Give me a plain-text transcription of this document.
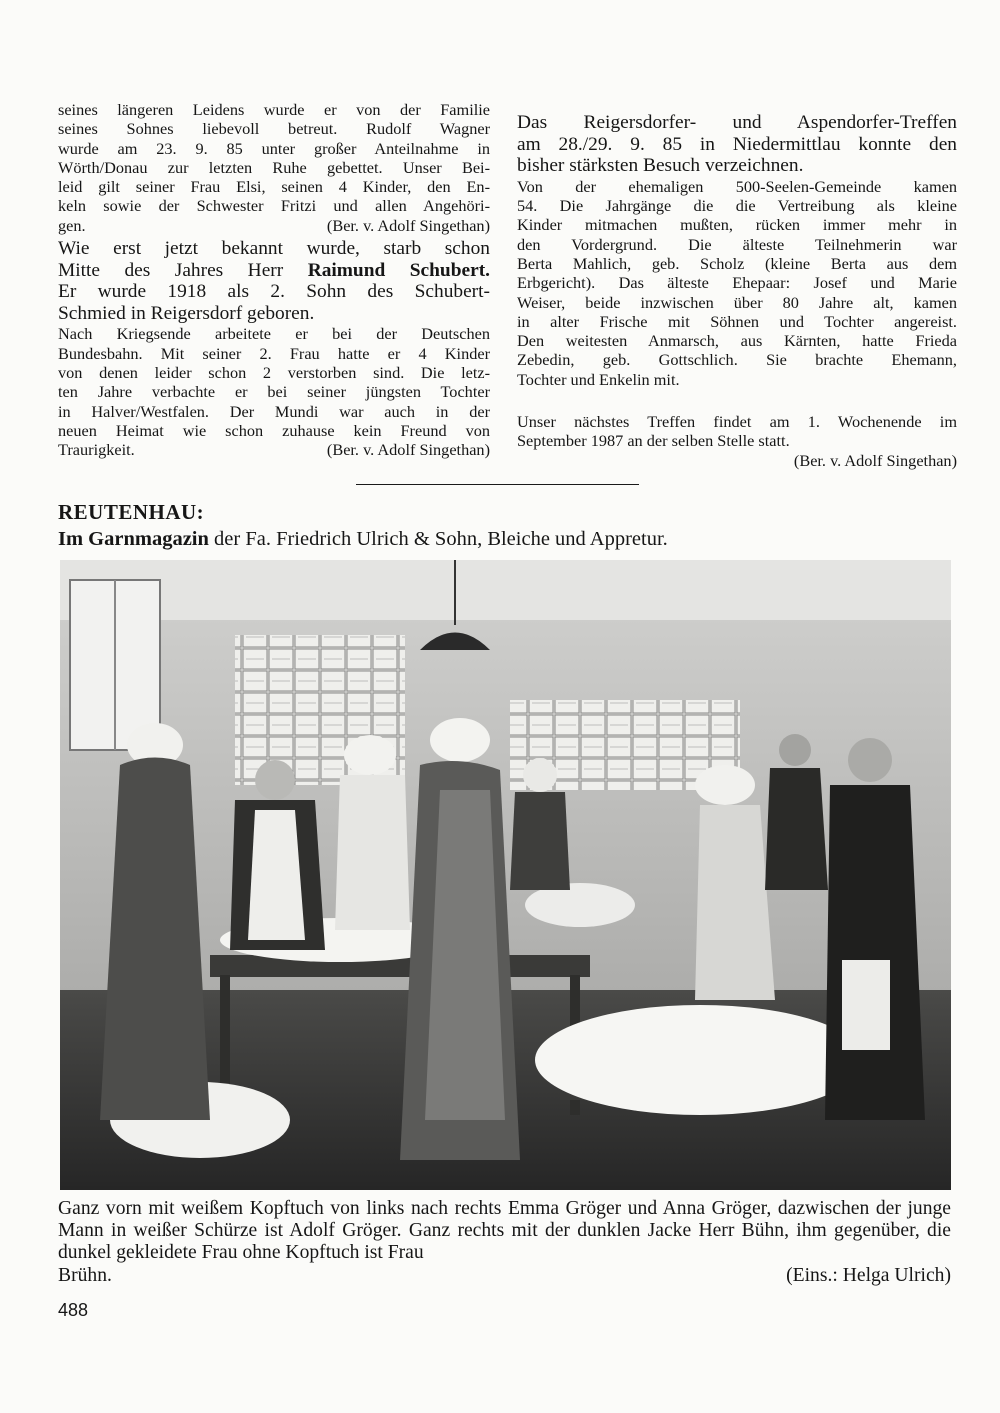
seines längeren Leidens wurde er von der Familie

seines Sohnes liebevoll betreut. Rudolf Wagner

wurde am 23. 9. 85 unter großer Anteilnahme in

Wörth/Donau zur letzten Ruhe gebettet. Unser Bei-

leid gilt seiner Frau Elsi, seinen 4 Kinder, den En-

keln sowie der Schwester Fritzi und allen Angehöri-

gen.	(Ber. v. Adolf Singethan)

Wie erst jetzt bekannt wurde, starb schon

Mitte des Jahres Herr Raimund Schubert.

Er wurde 1918 als 2. Sohn des Schubert-

Schmied in Reigersdorf geboren.

Nach Kriegsende arbeitete er bei der Deutschen

Bundesbahn. Mit seiner 2. Frau hatte er 4 Kinder

von denen leider schon 2 verstorben sind. Die letz-

ten Jahre verbachte er bei seiner jüngsten Tochter

in Halver/Westfalen. Der Mundi war auch in der

neuen Heimat wie schon zuhause kein Freund von

Traurigkeit.	(Ber. v. Adolf Singethan)

Das Reigersdorfer- und Aspendorfer-Treffen

am 28./29. 9. 85 in Niedermittlau konnte den

bisher stärksten Besuch verzeichnen.

Von der ehemaligen 500-Seelen-Gemeinde kamen

54. Die Jahrgänge die die Vertreibung als kleine

Kinder mitmachen mußten, rücken immer mehr in

den Vordergrund. Die älteste Teilnehmerin war

Berta Mahlich, geb. Scholz (kleine Berta aus dem

Erbgericht). Das älteste Ehepaar: Josef und Marie

Weiser, beide inzwischen über 80 Jahre alt, kamen

in alter Frische mit Söhnen und Tochter angereist.

Den weitesten Anmarsch, aus Kärnten, hatte Frieda

Zebedin, geb. Gottschlich. Sie brachte Ehemann,

Tochter und Enkelin mit.

Unser nächstes Treffen findet am 1. Wochenende im

September 1987 an der selben Stelle statt.

(Ber. v. Adolf Singethan)

REUTENHAU:
Im Garnmagazin der Fa. Friedrich Ulrich & Sohn, Bleiche und Appretur.

Ganz vorn mit weißem Kopftuch von links nach rechts Emma Gröger und Anna Gröger, dazwischen der junge Mann in weißer Schürze ist Adolf Gröger. Ganz rechts mit der dunklen Jacke Herr Bühn, ihm gegenüber, die dunkel gekleidete Frau ohne Kopftuch ist Frau

Brühn.	(Eins.: Helga Ulrich)
488
